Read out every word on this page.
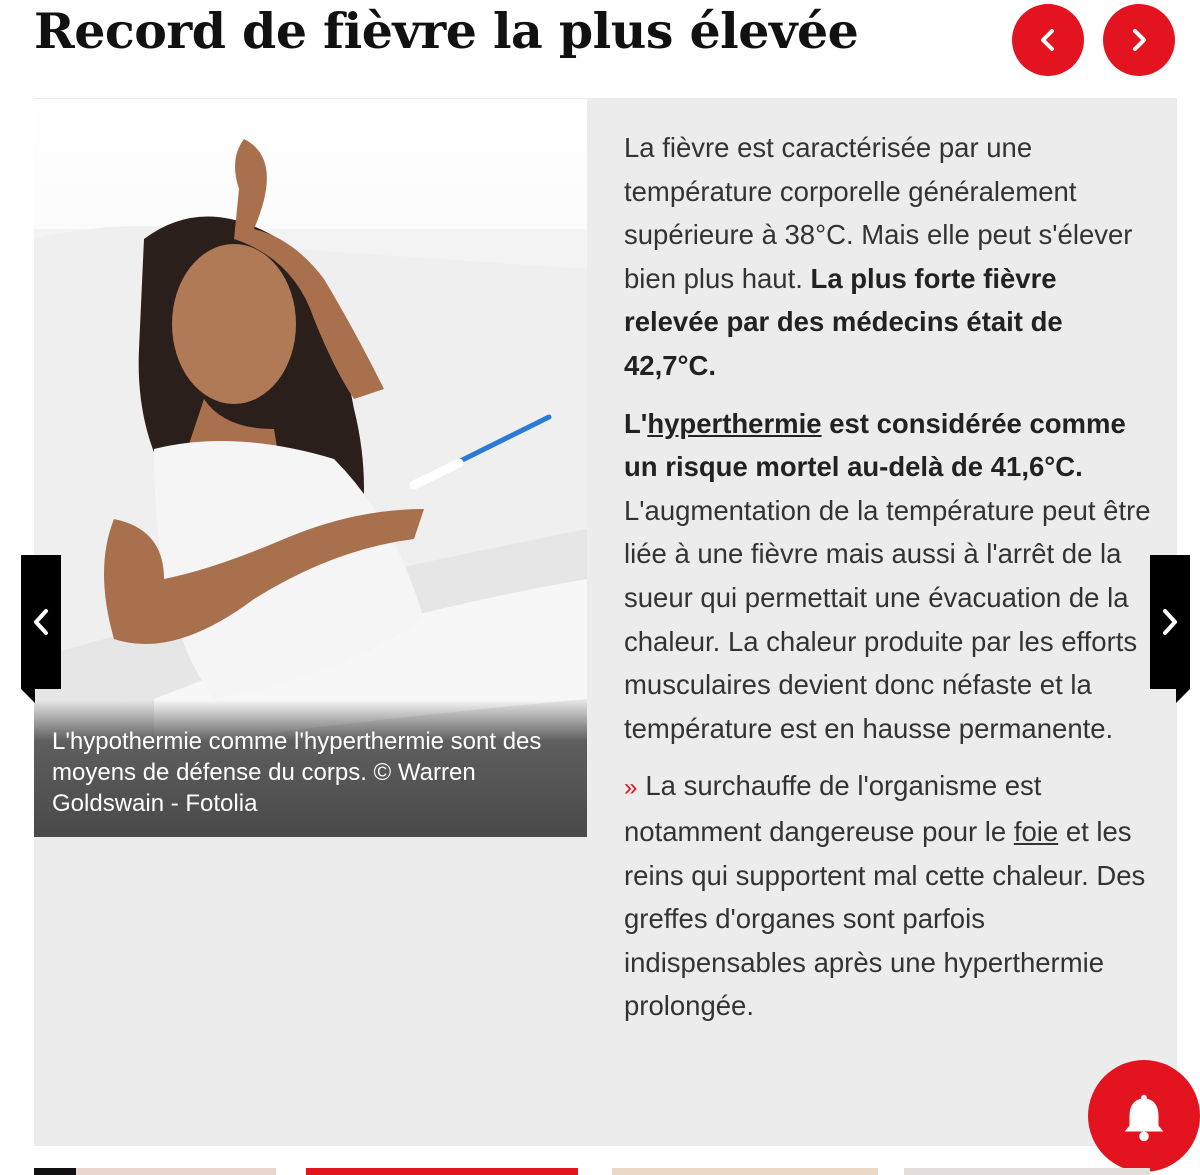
Record de fièvre la plus élevée
L'hypothermie comme l'hyperthermie sont des moyens de défense du corps. © Warren Goldswain - Fotolia

La fièvre est caractérisée par une température corporelle généralement supérieure à 38°C. Mais elle peut s'élever bien plus haut. La plus forte fièvre relevée par des médecins était de 42,7°C.

L'hyperthermie est considérée comme un risque mortel au-delà de 41,6°C. L'augmentation de la température peut être liée à une fièvre mais aussi à l'arrêt de la sueur qui permettait une évacuation de la chaleur. La chaleur produite par les efforts musculaires devient donc néfaste et la température est en hausse permanente.

» La surchauffe de l'organisme est notamment dangereuse pour le foie et les reins qui supportent mal cette chaleur. Des greffes d'organes sont parfois indispensables après une hyperthermie prolongée.
